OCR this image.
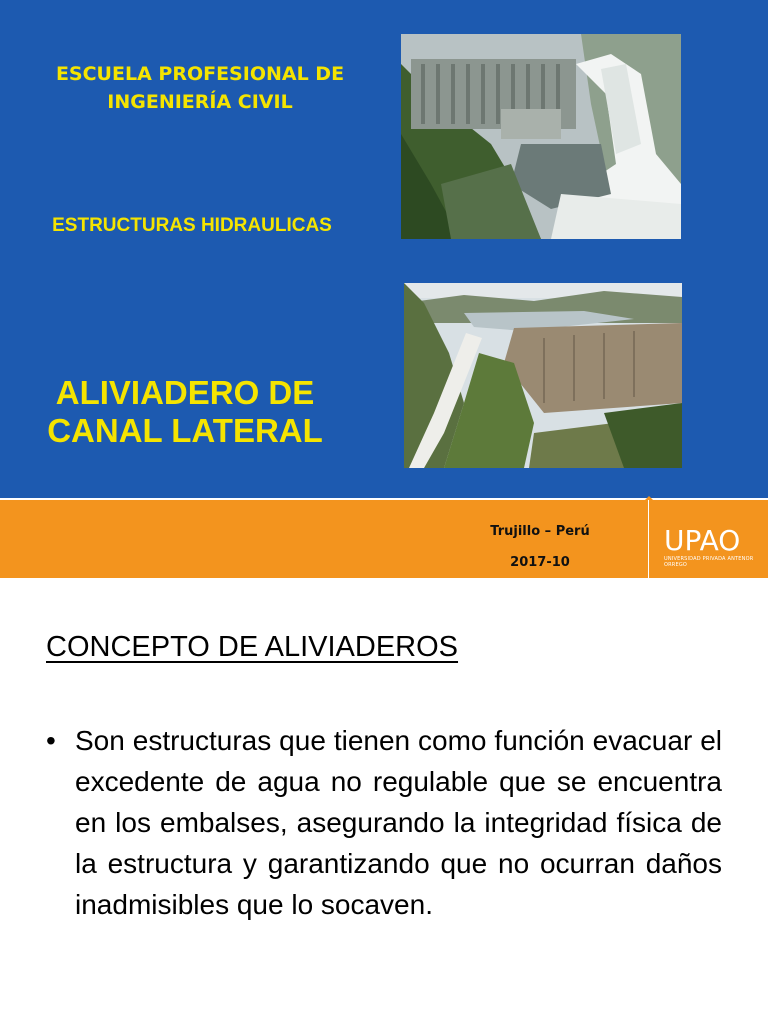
ESCUELA PROFESIONAL DE INGENIERÍA CIVIL
ESTRUCTURAS HIDRAULICAS
ALIVIADERO DE CANAL LATERAL
Trujillo – Perú
2017-10
UPAO
UNIVERSIDAD PRIVADA ANTENOR ORREGO
CONCEPTO DE ALIVIADEROS
• Son estructuras que tienen como función evacuar el excedente de agua no regulable que se encuentra en los embalses, asegurando la integridad física de la estructura y garantizando que no ocurran daños inadmisibles que lo socaven.
